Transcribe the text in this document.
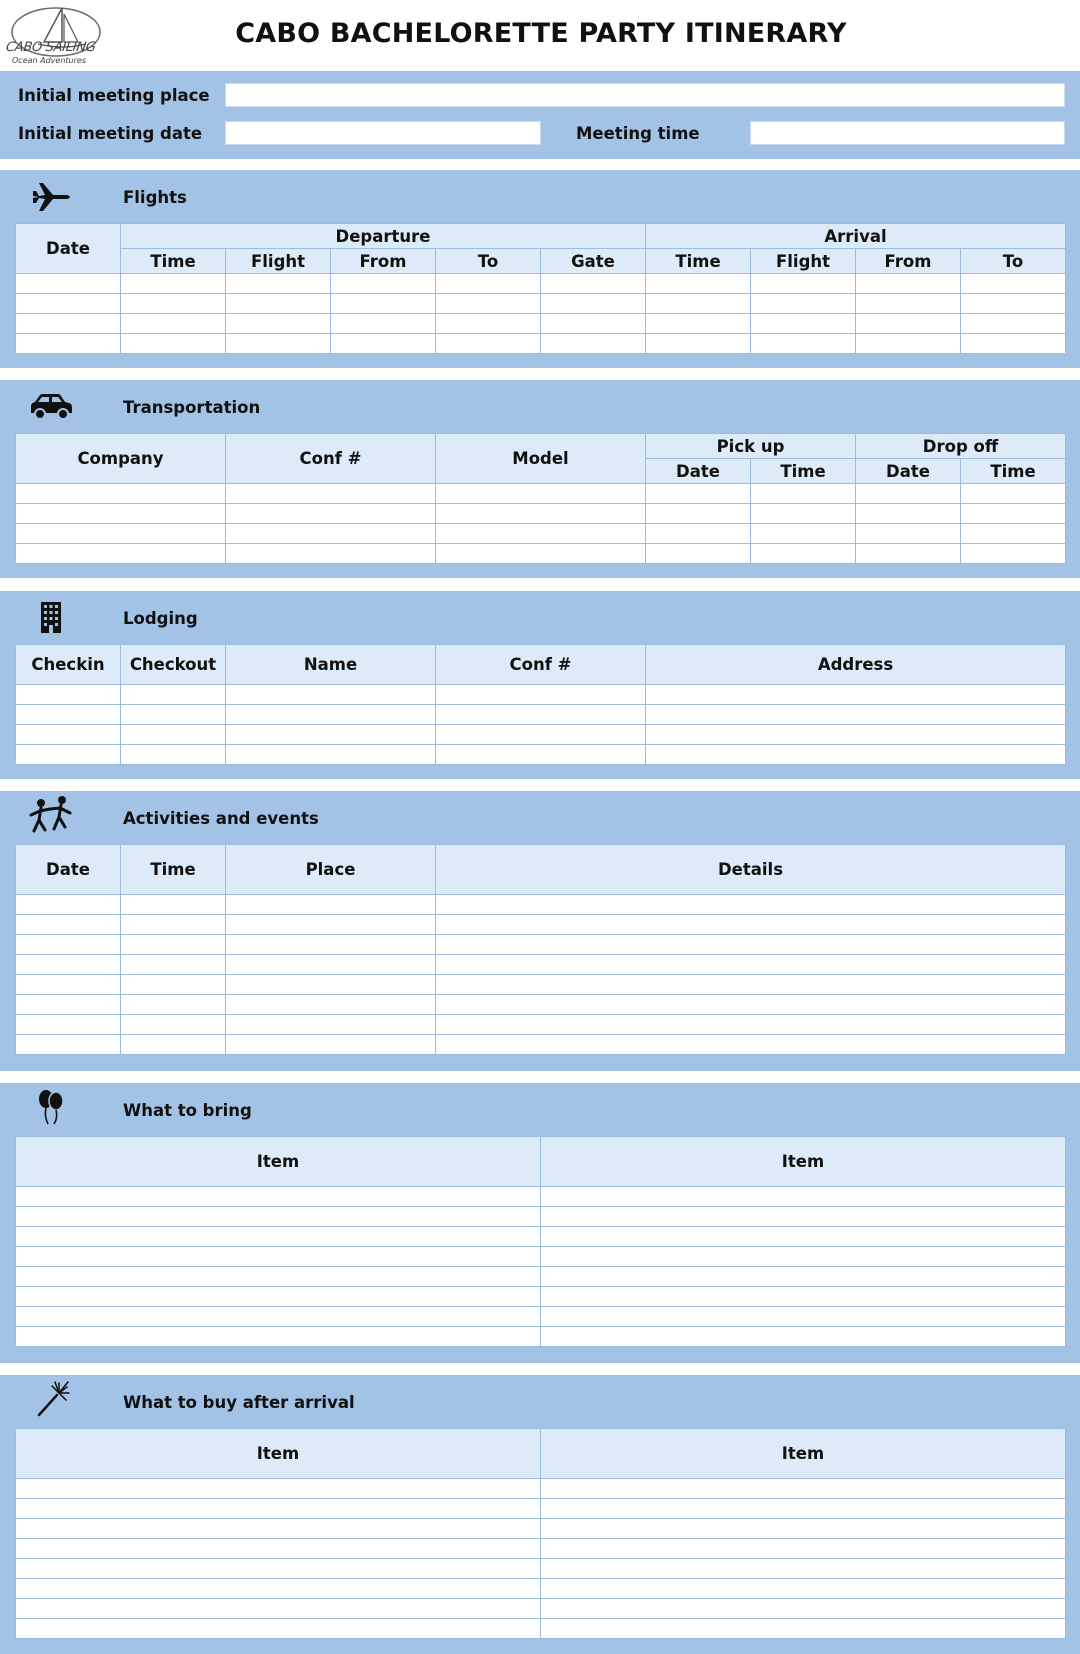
CABO SAILING
Ocean Adventures
CABO BACHELORETTE PARTY ITINERARY
Initial meeting place
Initial meeting date	Meeting time
Flights
Date	Departure					Arrival			
	Time	Flight	From	To	Gate	Time	Flight	From	To

Transportation
Company	Conf #	Model	Pick up		Drop off	
			Date	Time	Date	Time

Lodging
Checkin	Checkout	Name	Conf #	Address

Activities and events
Date	Time	Place	Details

What to bring
Item	Item

What to buy after arrival
Item	Item
